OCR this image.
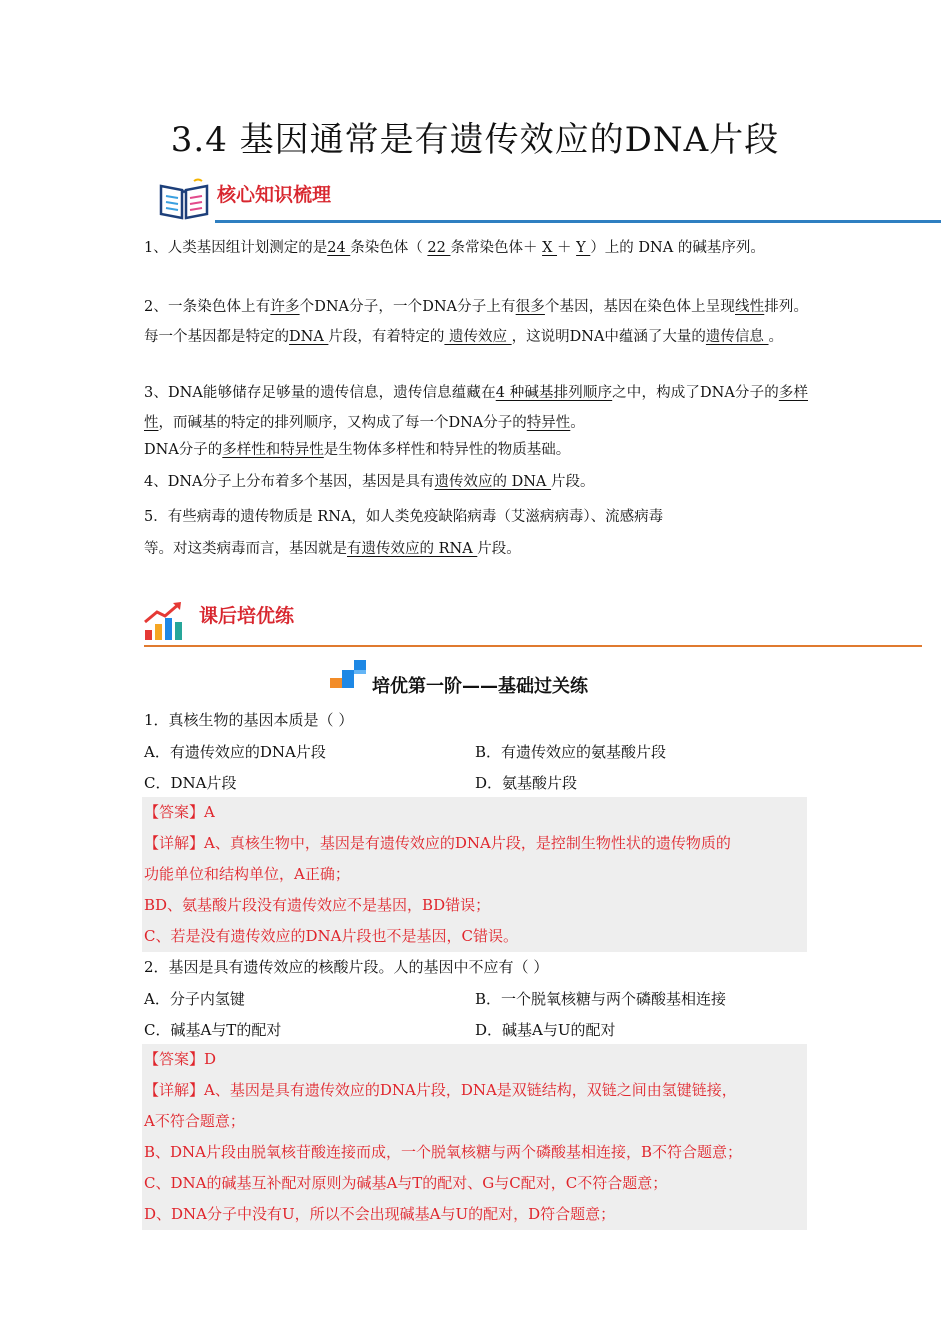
3.4 基因通常是有遗传效应的DNA片段
核心知识梳理
1、人类基因组计划测定的是24 条染色体（ 22 条常染色体＋ X ＋ Y ）上的 DNA 的碱基序列。
2、一条染色体上有许多个DNA分子，一个DNA分子上有很多个基因，基因在染色体上呈现线性排列。每一个基因都是特定的DNA 片段，有着特定的 遗传效应 ，这说明DNA中蕴涵了大量的遗传信息 。
3、DNA能够储存足够量的遗传信息，遗传信息蕴藏在4 种碱基排列顺序之中，构成了DNA分子的多样性，而碱基的特定的排列顺序，又构成了每一个DNA分子的特异性。
DNA分子的多样性和特异性是生物体多样性和特异性的物质基础。
4、DNA分子上分布着多个基因，基因是具有遗传效应的 DNA 片段。
5．有些病毒的遗传物质是 RNA，如人类免疫缺陷病毒（艾滋病病毒）、流感病毒
等。对这类病毒而言，基因就是有遗传效应的 RNA 片段。
课后培优练
培优第一阶——基础过关练
1．真核生物的基因本质是（ ）
A．有遗传效应的DNA片段	B．有遗传效应的氨基酸片段
C．DNA片段	D．氨基酸片段
【答案】A
【详解】A、真核生物中，基因是有遗传效应的DNA片段，是控制生物性状的遗传物质的
功能单位和结构单位，A正确；
BD、氨基酸片段没有遗传效应不是基因，BD错误；
C、若是没有遗传效应的DNA片段也不是基因，C错误。
2．基因是具有遗传效应的核酸片段。人的基因中不应有（ ）
A．分子内氢键	B．一个脱氧核糖与两个磷酸基相连接
C．碱基A与T的配对	D．碱基A与U的配对
【答案】D
【详解】A、基因是具有遗传效应的DNA片段，DNA是双链结构，双链之间由氢键链接，
A不符合题意；
B、DNA片段由脱氧核苷酸连接而成，一个脱氧核糖与两个磷酸基相连接，B不符合题意；
C、DNA的碱基互补配对原则为碱基A与T的配对、G与C配对，C不符合题意；
D、DNA分子中没有U，所以不会出现碱基A与U的配对，D符合题意；
